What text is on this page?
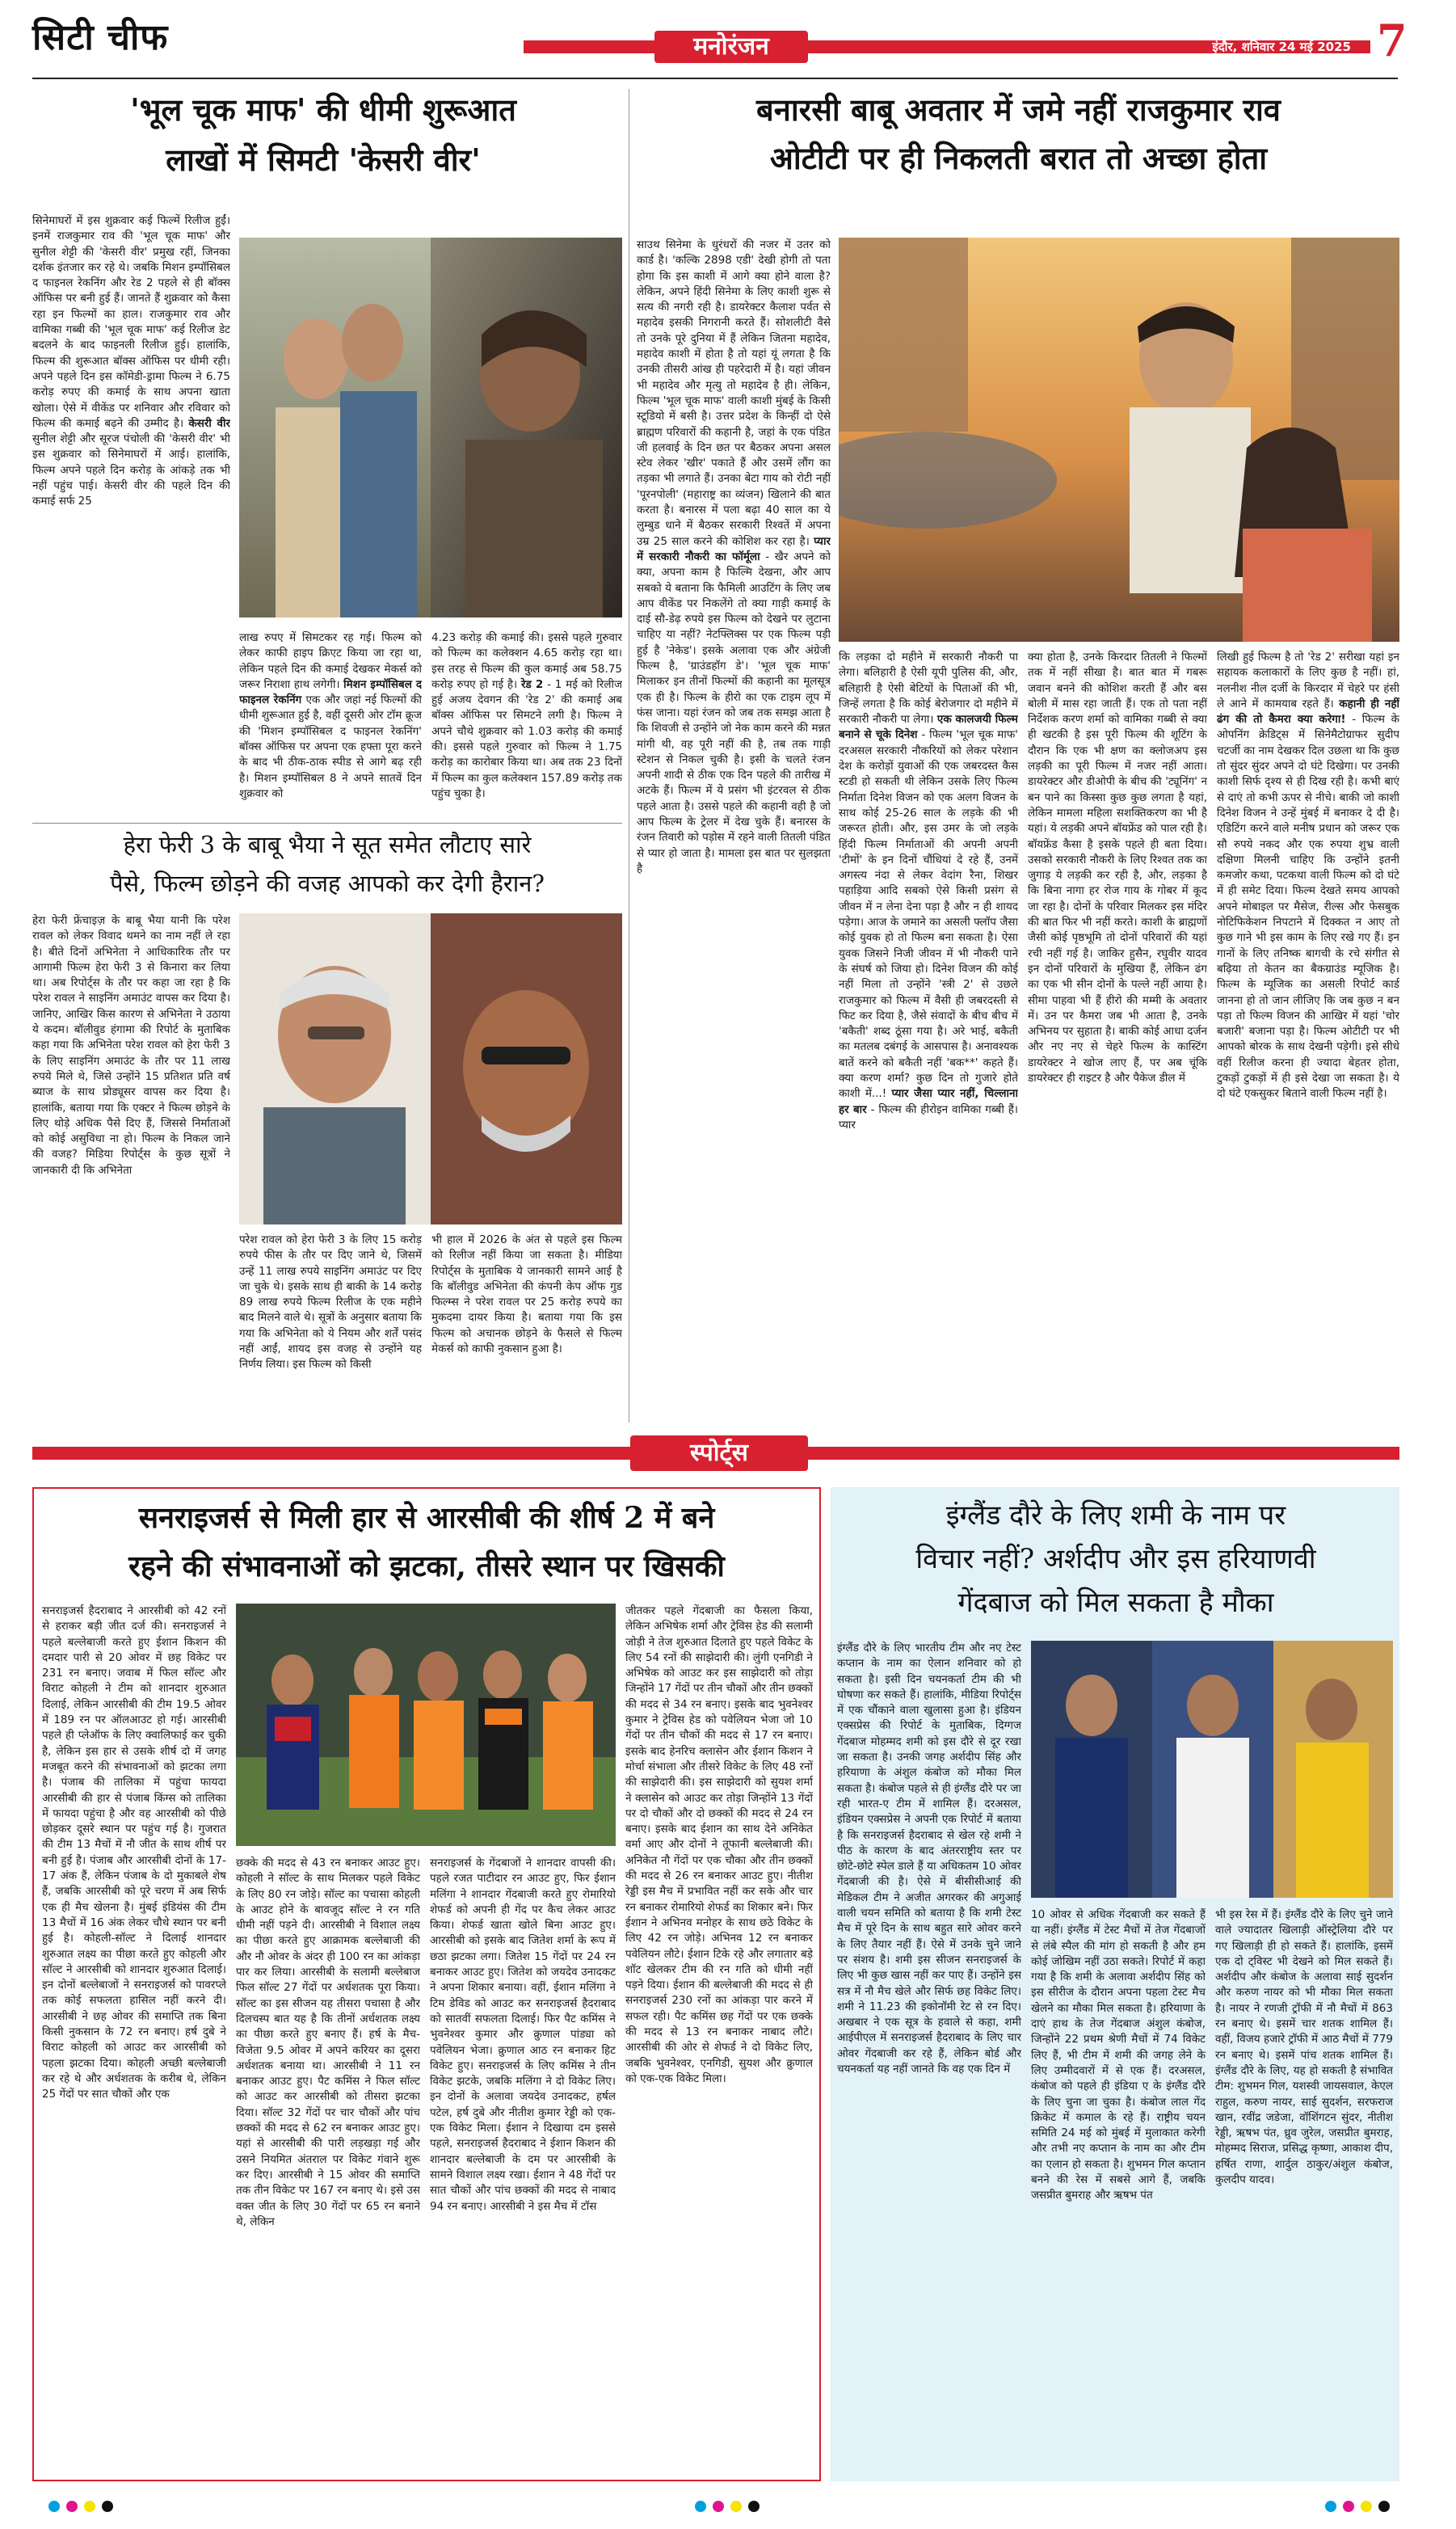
सिटी चीफ	मनोरंजन	इंदौर, शनिवार 24 मई 2025 7
'भूल चूक माफ' की धीमी शुरूआत
लाखों में सिमटी 'केसरी वीर'
सिनेमाघरों में इस शुक्रवार कई फिल्में रिलीज हुईं। इनमें राजकुमार राव की 'भूल चूक माफ' और सुनील शेट्टी की 'केसरी वीर' प्रमुख रहीं, जिनका दर्शक इंतजार कर रहे थे। जबकि मिशन इम्पॉसिबल द फाइनल रेकनिंग और रेड 2 पहले से ही बॉक्स ऑफिस पर बनी हुई हैं। जानते हैं शुक्रवार को कैसा रहा इन फिल्मों का हाल। राजकुमार राव और वामिका गब्बी की 'भूल चूक माफ' कई रिलीज डेट बदलने के बाद फाइनली रिलीज हुई। हालांकि, फिल्म की शुरूआत बॉक्स ऑफिस पर धीमी रही। अपने पहले दिन इस कॉमेडी-ड्रामा फिल्म ने 6.75 करोड़ रुपए की कमाई के साथ अपना खाता खोला। ऐसे में वीकेंड पर शनिवार और रविवार को फिल्म की कमाई बढ़ने की उम्मीद है। केसरी वीर सुनील शेट्टी और सूरज पंचोली की 'केसरी वीर' भी इस शुक्रवार को सिनेमाघरों में आई। हालांकि, फिल्म अपने पहले दिन करोड़ के आंकड़े तक भी नहीं पहुंच पाई। केसरी वीर की पहले दिन की कमाई सर्फ 25
लाख रुपए में सिमटकर रह गई। फिल्म को लेकर काफी हाइप क्रिएट किया जा रहा था, लेकिन पहले दिन की कमाई देखकर मेकर्स को जरूर निराशा हाथ लगेगी। मिशन इम्पॉसिबल द फाइनल रेकनिंग एक और जहां नई फिल्मों की धीमी शुरूआत हुई है, वहीं दूसरी ओर टॉम क्रूज की 'मिशन इम्पॉसिबल द फाइनल रेकनिंग' बॉक्स ऑफिस पर अपना एक हफ्ता पूरा करने के बाद भी ठीक-ठाक स्पीड से आगे बढ़ रही है। मिशन इम्पॉसिबल 8 ने अपने सातवें दिन शुक्रवार को
4.23 करोड़ की कमाई की। इससे पहले गुरुवार को फिल्म का कलेक्शन 4.65 करोड़ रहा था। इस तरह से फिल्म की कुल कमाई अब 58.75 करोड़ रुपए हो गई है। रेड 2 - 1 मई को रिलीज हुई अजय देवगन की 'रेड 2' की कमाई अब बॉक्स ऑफिस पर सिमटने लगी है। फिल्म ने अपने चौथे शुक्रवार को 1.03 करोड़ की कमाई की। इससे पहले गुरुवार को फिल्म ने 1.75 करोड़ का कारोबार किया था। अब तक 23 दिनों में फिल्म का कुल कलेक्शन 157.89 करोड़ तक पहुंच चुका है।
हेरा फेरी 3 के बाबू भैया ने सूत समेत लौटाए सारे
पैसे, फिल्म छोड़ने की वजह आपको कर देगी हैरान?
हेरा फेरी फ्रेंचाइज़ के बाबू भैया यानी कि परेश रावल को लेकर विवाद थमने का नाम नहीं ले रहा है। बीते दिनों अभिनेता ने आधिकारिक तौर पर आगामी फिल्म हेरा फेरी 3 से किनारा कर लिया था। अब रिपोर्ट्स के तौर पर कहा जा रहा है कि परेश रावल ने साइनिंग अमाउंट वापस कर दिया है। जानिए, आखिर किस कारण से अभिनेता ने उठाया ये कदम। बॉलीवुड हंगामा की रिपोर्ट के मुताबिक कहा गया कि अभिनेता परेश रावल को हेरा फेरी 3 के लिए साइनिंग अमाउंट के तौर पर 11 लाख रुपये मिले थे, जिसे उन्होंने 15 प्रतिशत प्रति वर्ष ब्याज के साथ प्रोड्यूसर वापस कर दिया है। हालांकि, बताया गया कि एक्टर ने फिल्म छोड़ने के लिए थोड़े अधिक पैसे दिए हैं, जिससे निर्माताओं को कोई असुविधा ना हो। फिल्म के निकल जाने की वजह? मिडिया रिपोर्ट्स के कुछ सूत्रों ने जानकारी दी कि अभिनेता
परेश रावल को हेरा फेरी 3 के लिए 15 करोड़ रुपये फीस के तौर पर दिए जाने थे, जिसमें उन्हें 11 लाख रुपये साइनिंग अमाउंट पर दिए जा चुके थे। इसके साथ ही बाकी के 14 करोड़ 89 लाख रुपये फिल्म रिलीज के एक महीने बाद मिलने वाले थे। सूत्रों के अनुसार बताया कि गया कि अभिनेता को ये नियम और शर्तें पसंद नहीं आईं, शायद इस वजह से उन्होंने यह निर्णय लिया। इस फिल्म को किसी
भी हाल में 2026 के अंत से पहले इस फिल्म को रिलीज नहीं किया जा सकता है। मीडिया रिपोर्ट्स के मुताबिक ये जानकारी सामने आई है कि बॉलीवुड अभिनेता की कंपनी केप ऑफ गुड फिल्म्स ने परेश रावल पर 25 करोड़ रुपये का मुकदमा दायर किया है। बताया गया कि इस फिल्म को अचानक छोड़ने के फैसले से फिल्म मेकर्स को काफी नुकसान हुआ है।
बनारसी बाबू अवतार में जमे नहीं राजकुमार राव
ओटीटी पर ही निकलती बरात तो अच्छा होता
साउथ सिनेमा के धुरंधरों की नजर में उतर को कार्ड है। 'कल्कि 2898 एडी' देखी होगी तो पता होगा कि इस काशी में आगे क्या होने वाला है? लेकिन, अपने हिंदी सिनेमा के लिए काशी शुरू से सत्य की नगरी रही है। डायरेक्टर कैलाश पर्वत से महादेव इसकी निगरानी करते हैं। सोशलीटी वैसे तो उनके पूरे दुनिया में हैं लेकिन जितना महादेव, महादेव काशी में होता है तो यहां यूं लगता है कि उनकी तीसरी आंख ही पहरेदारी में है। यहां जीवन भी महादेव और मृत्यु तो महादेव है ही। लेकिन, फिल्म 'भूल चूक माफ' वाली काशी मुंबई के किसी स्टूडियो में बसी है। उत्तर प्रदेश के किन्हीं दो ऐसे ब्राह्मण परिवारों की कहानी है, जहां के एक पंडित जी हलवाई के दिन छत पर बैठकर अपना असल स्टेव लेकर 'खीर' पकाते हैं और उसमें लौंग का तड़का भी लगाते हैं। उनका बेटा गाय को रोटी नहीं 'पूरनपोली' (महाराष्ट्र का व्यंजन) खिलाने की बात करता है। बनारस में पला बढ़ा 40 साल का ये लुम्बुड धाने में बैठकर सरकारी रिश्वतें में अपना उम्र 25 साल करने की कोशिश कर रहा है। प्यार में सरकारी नौकरी का फॉर्मूला - खैर अपने को क्या, अपना काम है फिल्मि देखना, और आप सबको ये बताना कि फैमिली आउटिंग के लिए जब आप वीकेंड पर निकलेंगे तो क्या गाड़ी कमाई के दाई सौ-डेढ़ रुपये इस फिल्म को देखने पर लुटाना चाहिए या नहीं? नेटफ्लिक्स पर एक फिल्म पड़ी हुई है 'नेकेड'। इसके अलावा एक और अंग्रेजी फिल्म है, 'ग्राउंडहॉग डे'। 'भूल चूक माफ' मिलाकर इन तीनों फिल्मों की कहानी का मूलसूत्र एक ही है। फिल्म के हीरो का एक टाइम लूप में फंस जाना। यहां रंजन को जब तक समझ आता है कि शिवजी से उन्होंने जो नेक काम करने की मन्नत मांगी थी, वह पूरी नहीं की है, तब तक गाड़ी स्टेशन से निकल चुकी है। इसी के चलते रंजन अपनी शादी से ठीक एक दिन पहले की तारीख में अटके हैं। फिल्म में ये प्रसंग भी इंटरवल से ठीक पहले आता है। उससे पहले की कहानी वही है जो आप फिल्म के ट्रेलर में देख चुके हैं। बनारस के रंजन तिवारी को पड़ोस में रहने वाली तितली पंडित से प्यार हो जाता है। मामला इस बात पर सुलझता है
कि लड़का दो महीने में सरकारी नौकरी पा लेगा। बलिहारी है ऐसी यूपी पुलिस की, और, बलिहारी है ऐसी बेटियों के पिताओं की भी, जिन्हें लगता है कि कोई बेरोजगार दो महीने में सरकारी नौकरी पा लेगा। एक कालजयी फिल्म बनाने से चूके दिनेश - फिल्म 'भूल चूक माफ' दरअसल सरकारी नौकरियों को लेकर परेशान देश के करोड़ों युवाओं की एक जबरदस्त कैस स्टडी हो सकती थी लेकिन उसके लिए फिल्म निर्माता दिनेश विजन को एक अलग विजन के साथ कोई 25-26 साल के लड़के की भी जरूरत होती। और, इस उमर के जो लड़के हिंदी फिल्म निर्माताओं की अपनी अपनी 'टीमों' के इन दिनों चौंधियां दे रहे हैं, उनमें अगस्त्य नंदा से लेकर वेदांग रैना, शिखर पहाड़िया आदि सबको ऐसे किसी प्रसंग से जीवन में न लेना देना पड़ा है और न ही शायद पड़ेगा। आज के जमाने का असली फ्लॉप जैसा कोई युवक हो तो फिल्म बना सकता है। ऐसा युवक जिसने निजी जीवन में भी नौकरी पाने के संघर्ष को जिया हो। दिनेश विजन की कोई नहीं मिला तो उन्होंने 'स्त्री 2' से उछले राजकुमार को फिल्म में वैसी ही जबरदस्ती से फिट कर दिया है, जैसे संवादों के बीच बीच में 'बकैती' शब्द ठूंसा गया है। अरे भाई, बकैती का मतलब दबंगई के आसपास है। अनावश्यक बातें करने को बकैती नहीं 'बक**' कहते हैं। क्या करण शर्मा? कुछ दिन तो गुजारे होते काशी में...! प्यार जैसा प्यार नहीं, चिल्लाना हर बार - फिल्म की हीरोइन वामिका गब्बी हैं। प्यार
क्या होता है, उनके किरदार तितली ने फिल्मों तक में नहीं सीखा है। बात बात में गबरू जवान बनने की कोशिश करती हैं और बस बोली में मास रहा जाती हैं। एक तो पता नहीं निर्देशक करण शर्मा को वामिका गब्बी से क्या ही खटकी है इस पूरी फिल्म की शूटिंग के दौरान कि एक भी क्षण का क्लोजअप इस लड़की का पूरी फिल्म में नजर नहीं आता। डायरेक्टर और डीओपी के बीच की 'ट्यूनिंग' न बन पाने का किस्सा कुछ कुछ लगता है यहां, लेकिन मामला महिला सशक्तिकरण का भी है यहां। ये लड़की अपने बॉयफ्रेंड को पाल रही है। बॉयफ्रेंड कैसा है इसके पहले ही बता दिया। उसको सरकारी नौकरी के लिए रिश्वत तक का जुगाड़ ये लड़की कर रही है, और, लड़का है कि बिना नागा हर रोज गाय के गोबर में कूद जा रहा है। दोनों के परिवार मिलकर इस मंदिर की बात फिर भी नहीं करते। काशी के ब्राह्मणों जैसी कोई पृष्ठभूमि तो दोनों परिवारों की यहां रची नहीं गई है। जाकिर हुसैन, रघुवीर यादव इन दोनों परिवारों के मुखिया हैं, लेकिन ढंग का एक भी सीन दोनों के पल्ले नहीं आया है। सीमा पाहवा भी हैं हीरो की मम्मी के अवतार में। उन पर कैमरा जब भी आता है, उनके अभिनय पर सुहाता है। बाकी कोई आधा दर्जन और नए नए से चेहरे फिल्म के कास्टिंग डायरेक्टर ने खोज लाए हैं, पर अब चूंकि डायरेक्टर ही राइटर है और पैकेज डील में
लिखी हुई फिल्म है तो 'रेड 2' सरीखा यहां इन सहायक कलाकारों के लिए कुछ है नहीं। हां, नलनीश नील दर्जी के किरदार में चेहरे पर हंसी ले आने में कामयाब रहते हैं। कहानी ही नहीं ढंग की तो कैमरा क्या करेगा! - फिल्म के ओपनिंग क्रेडिट्स में सिनेमैटोग्राफर सुदीप चटर्जी का नाम देखकर दिल उछला था कि कुछ तो सुंदर सुंदर अपने दो घंटे दिखेगा। पर उनकी काशी सिर्फ दृश्य से ही दिख रही है। कभी बाएं से दाएं तो कभी ऊपर से नीचे। बाकी जो काशी दिनेश विजन ने उन्हें मुंबई में बनाकर दे दी है। एडिटिंग करने वाले मनीष प्रधान को जरूर एक सौ रुपये नकद और एक रुपया शुभ्र वाली दक्षिणा मिलनी चाहिए कि उन्होंने इतनी कमजोर कथा, पटकथा वाली फिल्म को दो घंटे में ही समेट दिया। फिल्म देखते समय आपको अपने मोबाइल पर मैसेज, रील्स और फेसबुक नोटिफिकेशन निपटाने में दिक्कत न आए तो कुछ गाने भी इस काम के लिए रखे गए हैं। इन गानों के लिए तनिष्क बागची के रचे संगीत से बढ़िया तो केतन का बैकग्राउंड म्यूजिक है। फिल्म के म्यूजिक का असली रिपोर्ट कार्ड जानना हो तो जान लीजिए कि जब कुछ न बन पड़ा तो फिल्म विजन की आखिर में यहां 'चोर बजारी' बजाना पड़ा है। फिल्म ओटीटी पर भी आपको बोरक के साथ देखनी पड़ेगी। इसे सीधे वहीं रिलीज करना ही ज्यादा बेहतर होता, टुकड़ों टुकड़ों में ही इसे देखा जा सकता है। ये दो घंटे एकसुकर बिताने वाली फिल्म नहीं है।
स्पोर्ट्स
सनराइजर्स से मिली हार से आरसीबी की शीर्ष 2 में बने
रहने की संभावनाओं को झटका, तीसरे स्थान पर खिसकी
सनराइजर्स हैदराबाद ने आरसीबी को 42 रनों से हराकर बड़ी जीत दर्ज की। सनराइजर्स ने पहले बल्लेबाजी करते हुए ईशान किशन की दमदार पारी से 20 ओवर में छह विकेट पर 231 रन बनाए। जवाब में फिल सॉल्ट और विराट कोहली ने टीम को शानदार शुरुआत दिलाई, लेकिन आरसीबी की टीम 19.5 ओवर में 189 रन पर ऑलआउट हो गई। आरसीबी पहले ही प्लेऑफ के लिए क्वालिफाई कर चुकी है, लेकिन इस हार से उसके शीर्ष दो में जगह मजबूत करने की संभावनाओं को झटका लगा है। पंजाब की तालिका में पहुंचा फायदा आरसीबी की हार से पंजाब किंग्स को तालिका में फायदा पहुंचा है और वह आरसीबी को पीछे छोड़कर दूसरे स्थान पर पहुंच गई है। गुजरात की टीम 13 मैचों में नौ जीत के साथ शीर्ष पर बनी हुई है। पंजाब और आरसीबी दोनों के 17-17 अंक हैं, लेकिन पंजाब के दो मुकाबले शेष हैं, जबकि आरसीबी को पूरे चरण में अब सिर्फ एक ही मैच खेलना है। मुंबई इंडियंस की टीम 13 मैचों में 16 अंक लेकर चौथे स्थान पर बनी हुई है। कोहली-सॉल्ट ने दिलाई शानदार शुरुआत लक्ष्य का पीछा करते हुए कोहली और सॉल्ट ने आरसीबी को शानदार शुरुआत दिलाई। इन दोनों बल्लेबाजों ने सनराइजर्स को पावरप्ले तक कोई सफलता हासिल नहीं करने दी। आरसीबी ने छह ओवर की समाप्ति तक बिना किसी नुकसान के 72 रन बनाए। हर्ष दुबे ने विराट कोहली को आउट कर आरसीबी को पहला झटका दिया। कोहली अच्छी बल्लेबाजी कर रहे थे और अर्धशतक के करीब थे, लेकिन 25 गेंदों पर सात चौकों और एक
छक्के की मदद से 43 रन बनाकर आउट हुए। कोहली ने सॉल्ट के साथ मिलकर पहले विकेट के लिए 80 रन जोड़े। सॉल्ट का पचासा कोहली के आउट होने के बावजूद सॉल्ट ने रन गति धीमी नहीं पड़ने दी। आरसीबी ने विशाल लक्ष्य का पीछा करते हुए आक्रामक बल्लेबाजी की और नौ ओवर के अंदर ही 100 रन का आंकड़ा पार कर लिया। आरसीबी के सलामी बल्लेबाज फिल सॉल्ट 27 गेंदों पर अर्धशतक पूरा किया। सॉल्ट का इस सीजन यह तीसरा पचासा है और दिलचस्प बात यह है कि तीनों अर्धशतक लक्ष्य का पीछा करते हुए बनाए हैं। हर्ष के मैच-विजेता 9.5 ओवर में अपने करियर का दूसरा अर्धशतक बनाया था। आरसीबी ने 11 रन बनाकर आउट हुए। पैट कमिंस ने फिल सॉल्ट को आउट कर आरसीबी को तीसरा झटका दिया। सॉल्ट 32 गेंदों पर चार चौकों और पांच छक्कों की मदद से 62 रन बनाकर आउट हुए। यहां से आरसीबी की पारी लड़खड़ा गई और उसने नियमित अंतराल पर विकेट गंवाने शुरू कर दिए। आरसीबी ने 15 ओवर की समाप्ति तक तीन विकेट पर 167 रन बनाए थे। इसे उस वक्त जीत के लिए 30 गेंदों पर 65 रन बनाने थे, लेकिन
सनराइजर्स के गेंदबाजों ने शानदार वापसी की। पहले रजत पाटीदार रन आउट हुए, फिर ईशान मलिंगा ने शानदार गेंदबाजी करते हुए रोमारियो शेफर्ड को अपनी ही गेंद पर कैच लेकर आउट किया। शेफर्ड खाता खोले बिना आउट हुए। आरसीबी को इसके बाद जितेश शर्मा के रूप में छठा झटका लगा। जितेश 15 गेंदों पर 24 रन बनाकर आउट हुए। जितेश को जयदेव उनादकट ने अपना शिकार बनाया। वहीं, ईशान मलिंगा ने टिम डेविड को आउट कर सनराइजर्स हैदराबाद को सातवीं सफलता दिलाई। फिर पैट कमिंस ने भुवनेश्वर कुमार और क्रुणाल पांड्या को पवेलियन भेजा। क्रुणाल आठ रन बनाकर हिट विकेट हुए। सनराइजर्स के लिए कमिंस ने तीन विकेट झटके, जबकि मलिंगा ने दो विकेट लिए। इन दोनों के अलावा जयदेव उनादकट, हर्षल पटेल, हर्ष दुबे और नीतीश कुमार रेड्डी को एक-एक विकेट मिला। ईशान ने दिखाया दम इससे पहले, सनराइजर्स हैदराबाद ने ईशान किशन की शानदार बल्लेबाजी के दम पर आरसीबी के सामने विशाल लक्ष्य रखा। ईशान ने 48 गेंदों पर सात चौकों और पांच छक्कों की मदद से नाबाद 94 रन बनाए। आरसीबी ने इस मैच में टॉस
जीतकर पहले गेंदबाजी का फैसला किया, लेकिन अभिषेक शर्मा और ट्रेविस हेड की सलामी जोड़ी ने तेज शुरुआत दिलाते हुए पहले विकेट के लिए 54 रनों की साझेदारी की। लुंगी एनगिडी ने अभिषेक को आउट कर इस साझेदारी को तोड़ा जिन्होंने 17 गेंदों पर तीन चौकों और तीन छक्कों की मदद से 34 रन बनाए। इसके बाद भुवनेश्वर कुमार ने ट्रेविस हेड को पवेलियन भेजा जो 10 गेंदों पर तीन चौकों की मदद से 17 रन बनाए। इसके बाद हेनरिच क्लासेन और ईशान किशन ने मोर्चा संभाला और तीसरे विकेट के लिए 48 रनों की साझेदारी की। इस साझेदारी को सुयश शर्मा ने क्लासेन को आउट कर तोड़ा जिन्होंने 13 गेंदों पर दो चौकों और दो छक्कों की मदद से 24 रन बनाए। इसके बाद ईशान का साथ देने अनिकेत वर्मा आए और दोनों ने तूफानी बल्लेबाजी की। अनिकेत नौ गेंदों पर एक चौका और तीन छक्कों की मदद से 26 रन बनाकर आउट हुए। नीतीश रेड्डी इस मैच में प्रभावित नहीं कर सके और चार रन बनाकर रोमारियो शेफर्ड का शिकार बने। फिर ईशान ने अभिनव मनोहर के साथ छठे विकेट के लिए 42 रन जोड़े। अभिनव 12 रन बनाकर पवेलियन लौटे। ईशान टिके रहे और लगातार बड़े शॉट खेलकर टीम की रन गति को धीमी नहीं पड़ने दिया। ईशान की बल्लेबाजी की मदद से ही सनराइजर्स 230 रनों का आंकड़ा पार करने में सफल रही। पैट कमिंस छह गेंदों पर एक छक्के की मदद से 13 रन बनाकर नाबाद लौटे। आरसीबी की ओर से शेफर्ड ने दो विकेट लिए, जबकि भुवनेश्वर, एनगिडी, सुयश और क्रुणाल को एक-एक विकेट मिला।
इंग्लैंड दौरे के लिए शमी के नाम पर
विचार नहीं? अर्शदीप और इस हरियाणवी
गेंदबाज को मिल सकता है मौका
इंग्लैंड दौरे के लिए भारतीय टीम और नए टेस्ट कप्तान के नाम का ऐलान शनिवार को हो सकता है। इसी दिन चयनकर्ता टीम की भी घोषणा कर सकते हैं। हालांकि, मीडिया रिपोर्ट्स में एक चौंकाने वाला खुलासा हुआ है। इंडियन एक्सप्रेस की रिपोर्ट के मुताबिक, दिग्गज गेंदबाज मोहम्मद शमी को इस दौरे से दूर रखा जा सकता है। उनकी जगह अर्शदीप सिंह और हरियाणा के अंशुल कंबोज को मौका मिल सकता है। कंबोज पहले से ही इंग्लैंड दौरे पर जा रही भारत-ए टीम में शामिल हैं। दरअसल, इंडियन एक्सप्रेस ने अपनी एक रिपोर्ट में बताया है कि सनराइजर्स हैदराबाद से खेल रहे शमी ने पीठ के कारण के बाद अंतरराष्ट्रीय स्तर पर छोटे-छोटे स्पेल डाले हैं या अधिकतम 10 ओवर गेंदबाजी की है। ऐसे में बीसीसीआई की मेडिकल टीम ने अजीत अगरकर की अगुआई वाली चयन समिति को बताया है कि शमी टेस्ट मैच में पूरे दिन के साथ बहुत सारे ओवर करने के लिए तैयार नहीं हैं। ऐसे में उनके चुने जाने पर संशय है। शमी इस सीजन सनराइजर्स के लिए भी कुछ खास नहीं कर पाए हैं। उन्होंने इस सत्र में नौ मैच खेले और सिर्फ छह विकेट लिए। शमी ने 11.23 की इकोनॉमी रेट से रन दिए। अखबार ने एक सूत्र के हवाले से कहा, शमी आईपीएल में सनराइजर्स हैदराबाद के लिए चार ओवर गेंदबाजी कर रहे हैं, लेकिन बोर्ड और चयनकर्ता यह नहीं जानते कि वह एक दिन में
10 ओवर से अधिक गेंदबाजी कर सकते हैं या नहीं। इंग्लैंड में टेस्ट मैचों में तेज गेंदबाजों से लंबे स्पैल की मांग हो सकती है और हम कोई जोखिम नहीं उठा सकते। रिपोर्ट में कहा गया है कि शमी के अलावा अर्शदीप सिंह को इस सीरीज के दौरान अपना पहला टेस्ट मैच खेलने का मौका मिल सकता है। हरियाणा के दाएं हाथ के तेज गेंदबाज अंशुल कंबोज, जिन्होंने 22 प्रथम श्रेणी मैचों में 74 विकेट लिए हैं, भी टीम में शमी की जगह लेने के लिए उम्मीदवारों में से एक हैं। दरअसल, कंबोज को पहले ही इंडिया ए के इंग्लैंड दौरे के लिए चुना जा चुका है। कंबोज लाल गेंद क्रिकेट में कमाल के रहे हैं। राष्ट्रीय चयन समिति 24 मई को मुंबई में मुलाकात करेगी और तभी नए कप्तान के नाम का और टीम का एलान हो सकता है। शुभमन गिल कप्तान बनने की रेस में सबसे आगे हैं, जबकि जसप्रीत बुमराह और ऋषभ पंत
भी इस रेस में हैं। इंग्लैंड दौरे के लिए चुने जाने वाले ज्यादातर खिलाड़ी ऑस्ट्रेलिया दौरे पर गए खिलाड़ी ही हो सकते हैं। हालांकि, इसमें एक दो ट्विस्ट भी देखने को मिल सकते हैं। अर्शदीप और कंबोज के अलावा साई सुदर्शन और करुण नायर को भी मौका मिल सकता है। नायर ने रणजी ट्रॉफी में नौ मैचों में 863 रन बनाए थे। इसमें चार शतक शामिल हैं। वहीं, विजय हजारे ट्रॉफी में आठ मैचों में 779 रन बनाए थे। इसमें पांच शतक शामिल हैं। इंग्लैंड दौरे के लिए, यह हो सकती है संभावित टीम: शुभमन गिल, यशस्वी जायसवाल, केएल राहुल, करुण नायर, साई सुदर्शन, सरफराज खान, रवींद्र जडेजा, वॉशिंगटन सुंदर, नीतीश रेड्डी, ऋषभ पंत, ध्रुव जुरेल, जसप्रीत बुमराह, मोहम्मद सिराज, प्रसिद्ध कृष्णा, आकाश दीप, हर्षित राणा, शार्दुल ठाकुर/अंशुल कंबोज, कुलदीप यादव।
